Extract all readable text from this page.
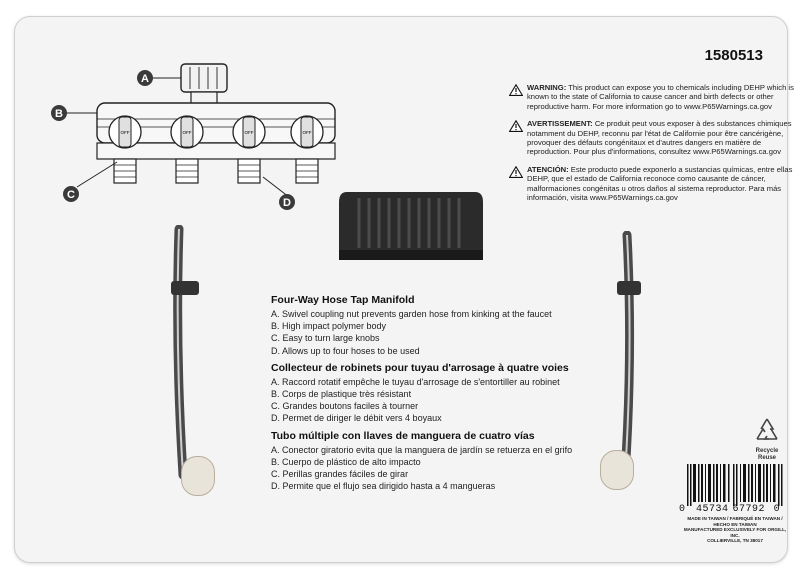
1580513
OFF	OFF	OFF	OFF
A
B
C
D
WARNING: This product can expose you to chemicals including DEHP which is known to the state of California to cause cancer and birth defects or other reproductive harm. For more information go to www.P65Warnings.ca.gov
AVERTISSEMENT: Ce produit peut vous exposer à des substances chimiques notamment du DEHP, reconnu par l'état de Californie pour être cancérigène, provoquer des défauts congénitaux et d'autres dangers en matière de reproduction. Pour plus d'informations, consultez www.P65Warnings.ca.gov
ATENCIÓN: Este producto puede exponerlo a sustancias químicas, entre ellas DEHP, que el estado de California reconoce como causante de cáncer, malformaciones congénitas u otros daños al sistema reproductor. Para más información, visita www.P65Warnings.ca.gov
Four-Way Hose Tap Manifold
A. Swivel coupling nut prevents garden hose from kinking at the faucet
B. High impact polymer body
C. Easy to turn large knobs
D. Allows up to four hoses to be used
Collecteur de robinets pour tuyau d'arrosage à quatre voies
A. Raccord rotatif empêche le tuyau d'arrosage de s'entortiller au robinet
B. Corps de plastique très résistant
C. Grandes boutons faciles à tourner
D. Permet de diriger le débit vers 4 boyaux
Tubo múltiple con llaves de manguera de cuatro vías
A. Conector giratorio evita que la manguera de jardín se retuerza en el grifo
B. Cuerpo de plástico de alto impacto
C. Perillas grandes fáciles de girar
D. Permite que el flujo sea dirigido hasta a 4 mangueras
Recycle
Reuse
0 45734 67792 0
MADE IN TAIWAN / FABRIQUÉ EN TAIWAN /
HECHO EN TAIWAN
MANUFACTURED EXCLUSIVELY FOR ORGILL, INC.
COLLIERVILLE, TN 38017
